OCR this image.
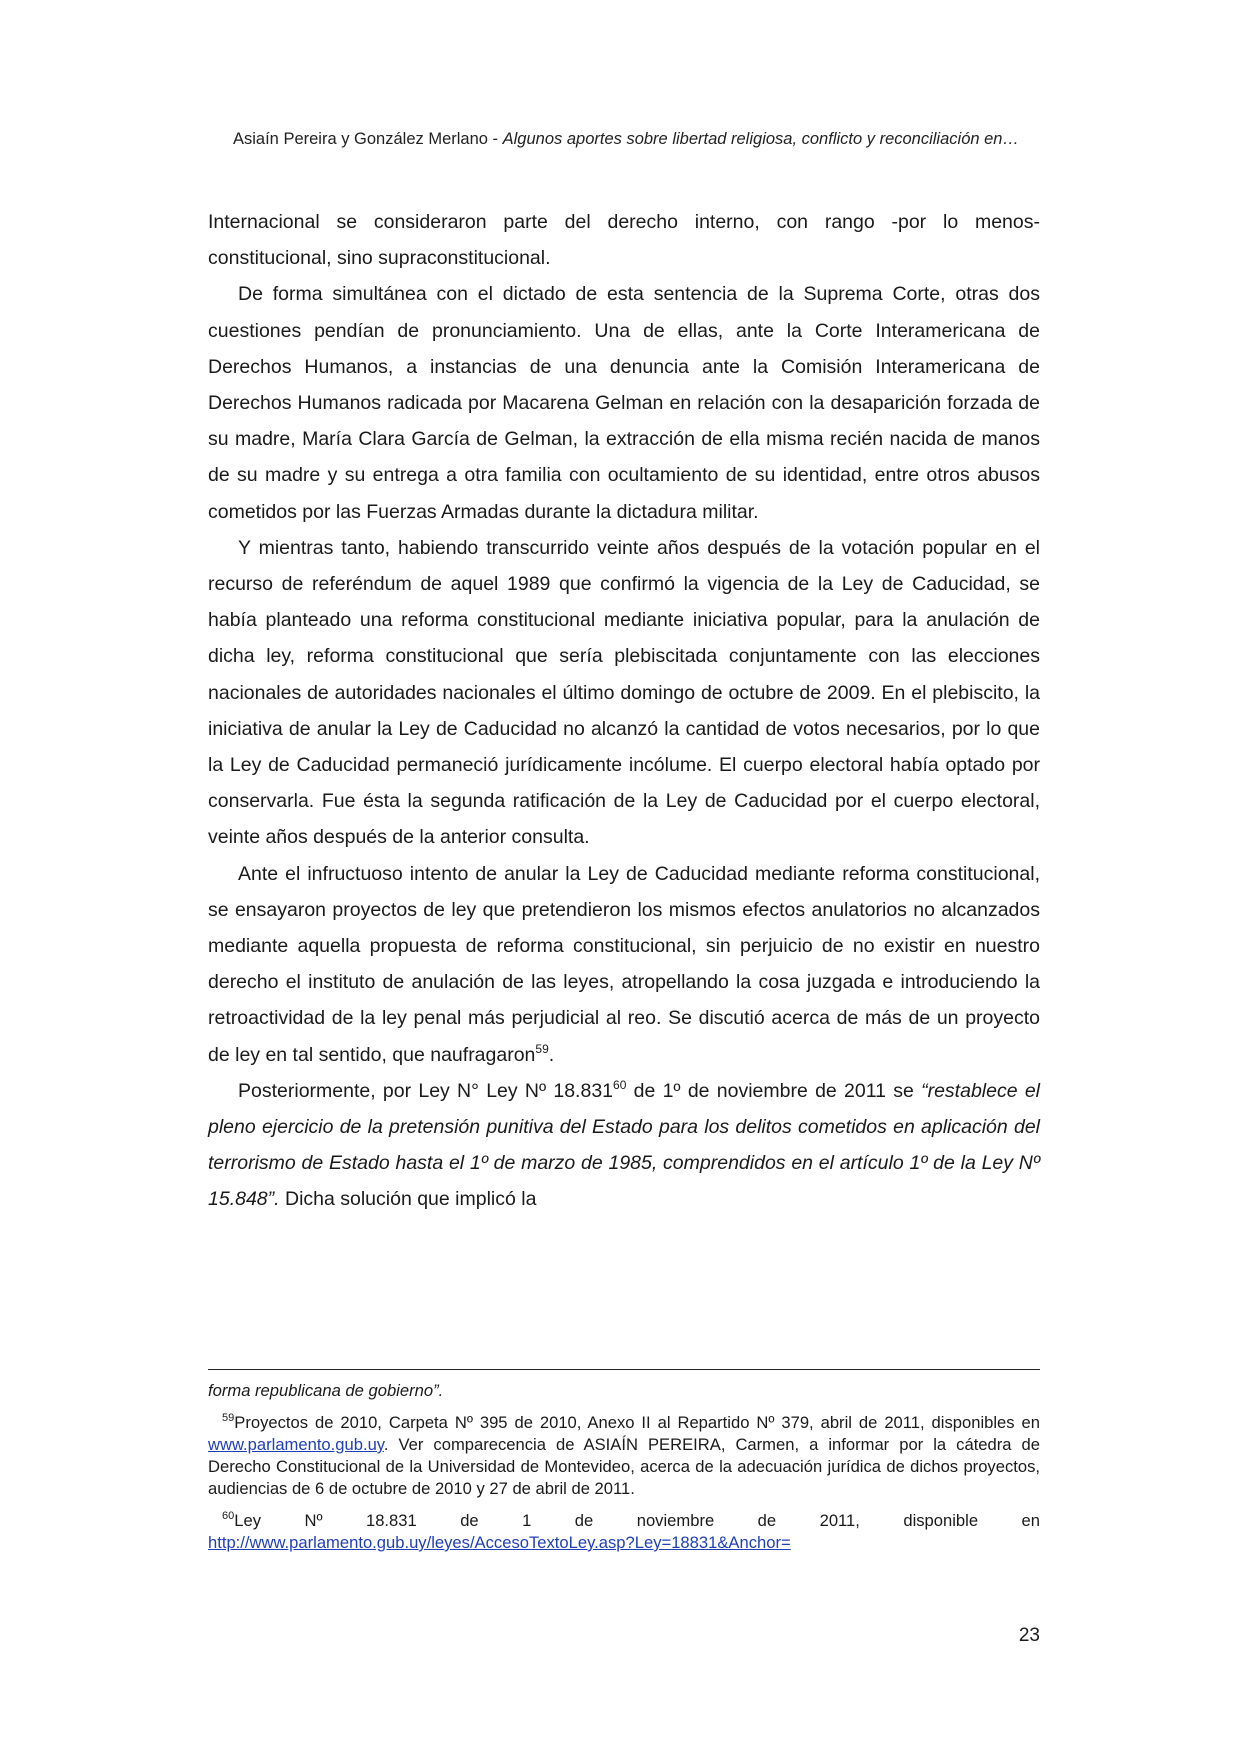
Asiaín Pereira y González Merlano - Algunos aportes sobre libertad religiosa, conflicto y reconciliación en…

Internacional se consideraron parte del derecho interno, con rango -por lo menos- constitucional, sino supraconstitucional.

De forma simultánea con el dictado de esta sentencia de la Suprema Corte, otras dos cuestiones pendían de pronunciamiento. Una de ellas, ante la Corte Interamericana de Derechos Humanos, a instancias de una denuncia ante la Comisión Interamericana de Derechos Humanos radicada por Macarena Gelman en relación con la desaparición forzada de su madre, María Clara García de Gelman, la extracción de ella misma recién nacida de manos de su madre y su entrega a otra familia con ocultamiento de su identidad, entre otros abusos cometidos por las Fuerzas Armadas durante la dictadura militar.

Y mientras tanto, habiendo transcurrido veinte años después de la votación popular en el recurso de referéndum de aquel 1989 que confirmó la vigencia de la Ley de Caducidad, se había planteado una reforma constitucional mediante iniciativa popular, para la anulación de dicha ley, reforma constitucional que sería plebiscitada conjuntamente con las elecciones nacionales de autoridades nacionales el último domingo de octubre de 2009. En el plebiscito, la iniciativa de anular la Ley de Caducidad no alcanzó la cantidad de votos necesarios, por lo que la Ley de Caducidad permaneció jurídicamente incólume. El cuerpo electoral había optado por conservarla. Fue ésta la segunda ratificación de la Ley de Caducidad por el cuerpo electoral, veinte años después de la anterior consulta.

Ante el infructuoso intento de anular la Ley de Caducidad mediante reforma constitucional, se ensayaron proyectos de ley que pretendieron los mismos efectos anulatorios no alcanzados mediante aquella propuesta de reforma constitucional, sin perjuicio de no existir en nuestro derecho el instituto de anulación de las leyes, atropellando la cosa juzgada e introduciendo la retroactividad de la ley penal más perjudicial al reo. Se discutió acerca de más de un proyecto de ley en tal sentido, que naufragaron$^{59}$.

Posteriormente, por Ley N° Ley Nº 18.831$^{60}$ de 1º de noviembre de 2011 se “restablece el pleno ejercicio de la pretensión punitiva del Estado para los delitos cometidos en aplicación del terrorismo de Estado hasta el 1º de marzo de 1985, comprendidos en el artículo 1º de la Ley Nº 15.848”. Dicha solución que implicó la

forma republicana de gobierno”.

$^{59}$Proyectos de 2010, Carpeta Nº 395 de 2010, Anexo II al Repartido Nº 379, abril de 2011, disponibles en www.parlamento.gub.uy. Ver comparecencia de ASIAÍN PEREIRA, Carmen, a informar por la cátedra de Derecho Constitucional de la Universidad de Montevideo, acerca de la adecuación jurídica de dichos proyectos, audiencias de 6 de octubre de 2010 y 27 de abril de 2011.

$^{60}$Ley Nº 18.831 de 1 de noviembre de 2011, disponible en http://www.parlamento.gub.uy/leyes/AccesoTextoLey.asp?Ley=18831&Anchor=

23
